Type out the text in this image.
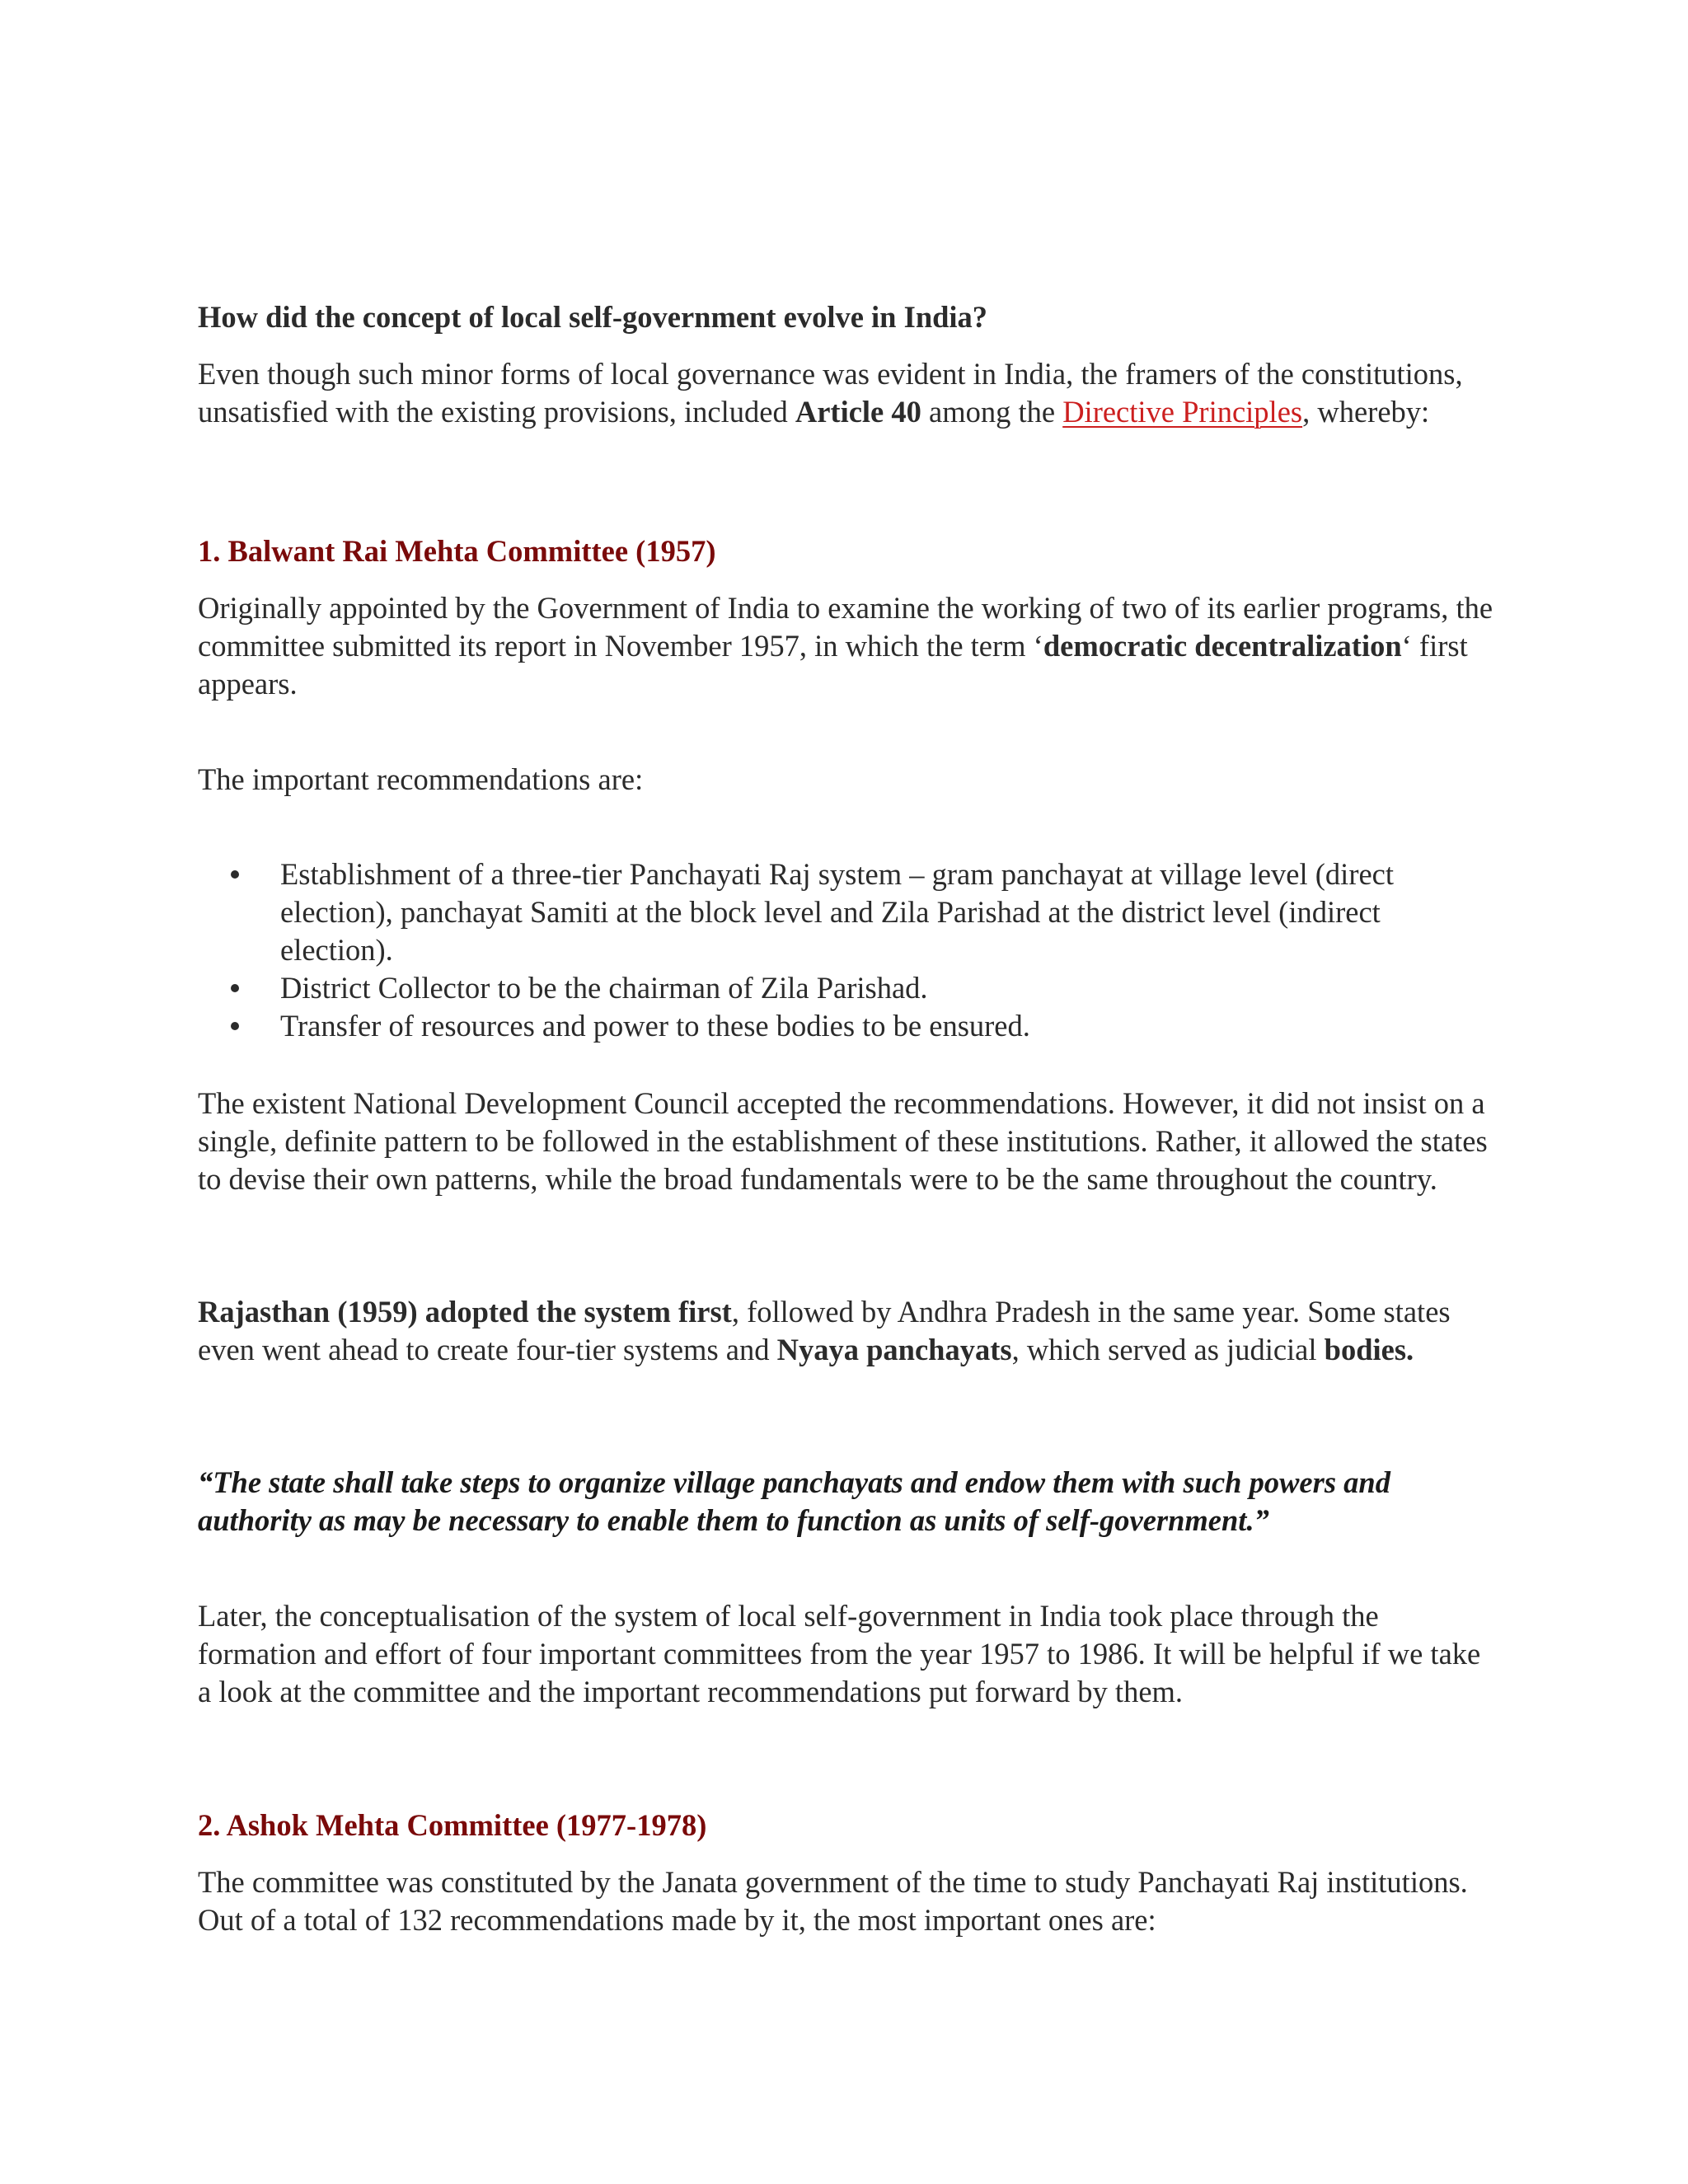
How did the concept of local self-government evolve in India?

Even though such minor forms of local governance was evident in India, the framers of the constitutions, unsatisfied with the existing provisions, included Article 40 among the Directive Principles, whereby:

1. Balwant Rai Mehta Committee (1957)

Originally appointed by the Government of India to examine the working of two of its earlier programs, the committee submitted its report in November 1957, in which the term ‘democratic decentralization‘ first appears.

The important recommendations are:

Establishment of a three-tier Panchayati Raj system – gram panchayat at village level (direct election), panchayat Samiti at the block level and Zila Parishad at the district level (indirect election).
District Collector to be the chairman of Zila Parishad.
Transfer of resources and power to these bodies to be ensured.

The existent National Development Council accepted the recommendations. However, it did not insist on a single, definite pattern to be followed in the establishment of these institutions. Rather, it allowed the states to devise their own patterns, while the broad fundamentals were to be the same throughout the country.

Rajasthan (1959) adopted the system first, followed by Andhra Pradesh in the same year. Some states even went ahead to create four-tier systems and Nyaya panchayats, which served as judicial bodies.

“The state shall take steps to organize village panchayats and endow them with such powers and authority as may be necessary to enable them to function as units of self-government.”

Later, the conceptualisation of the system of local self-government in India took place through the formation and effort of four important committees from the year 1957 to 1986. It will be helpful if we take a look at the committee and the important recommendations put forward by them.

2. Ashok Mehta Committee (1977-1978)

The committee was constituted by the Janata government of the time to study Panchayati Raj institutions. Out of a total of 132 recommendations made by it, the most important ones are:
